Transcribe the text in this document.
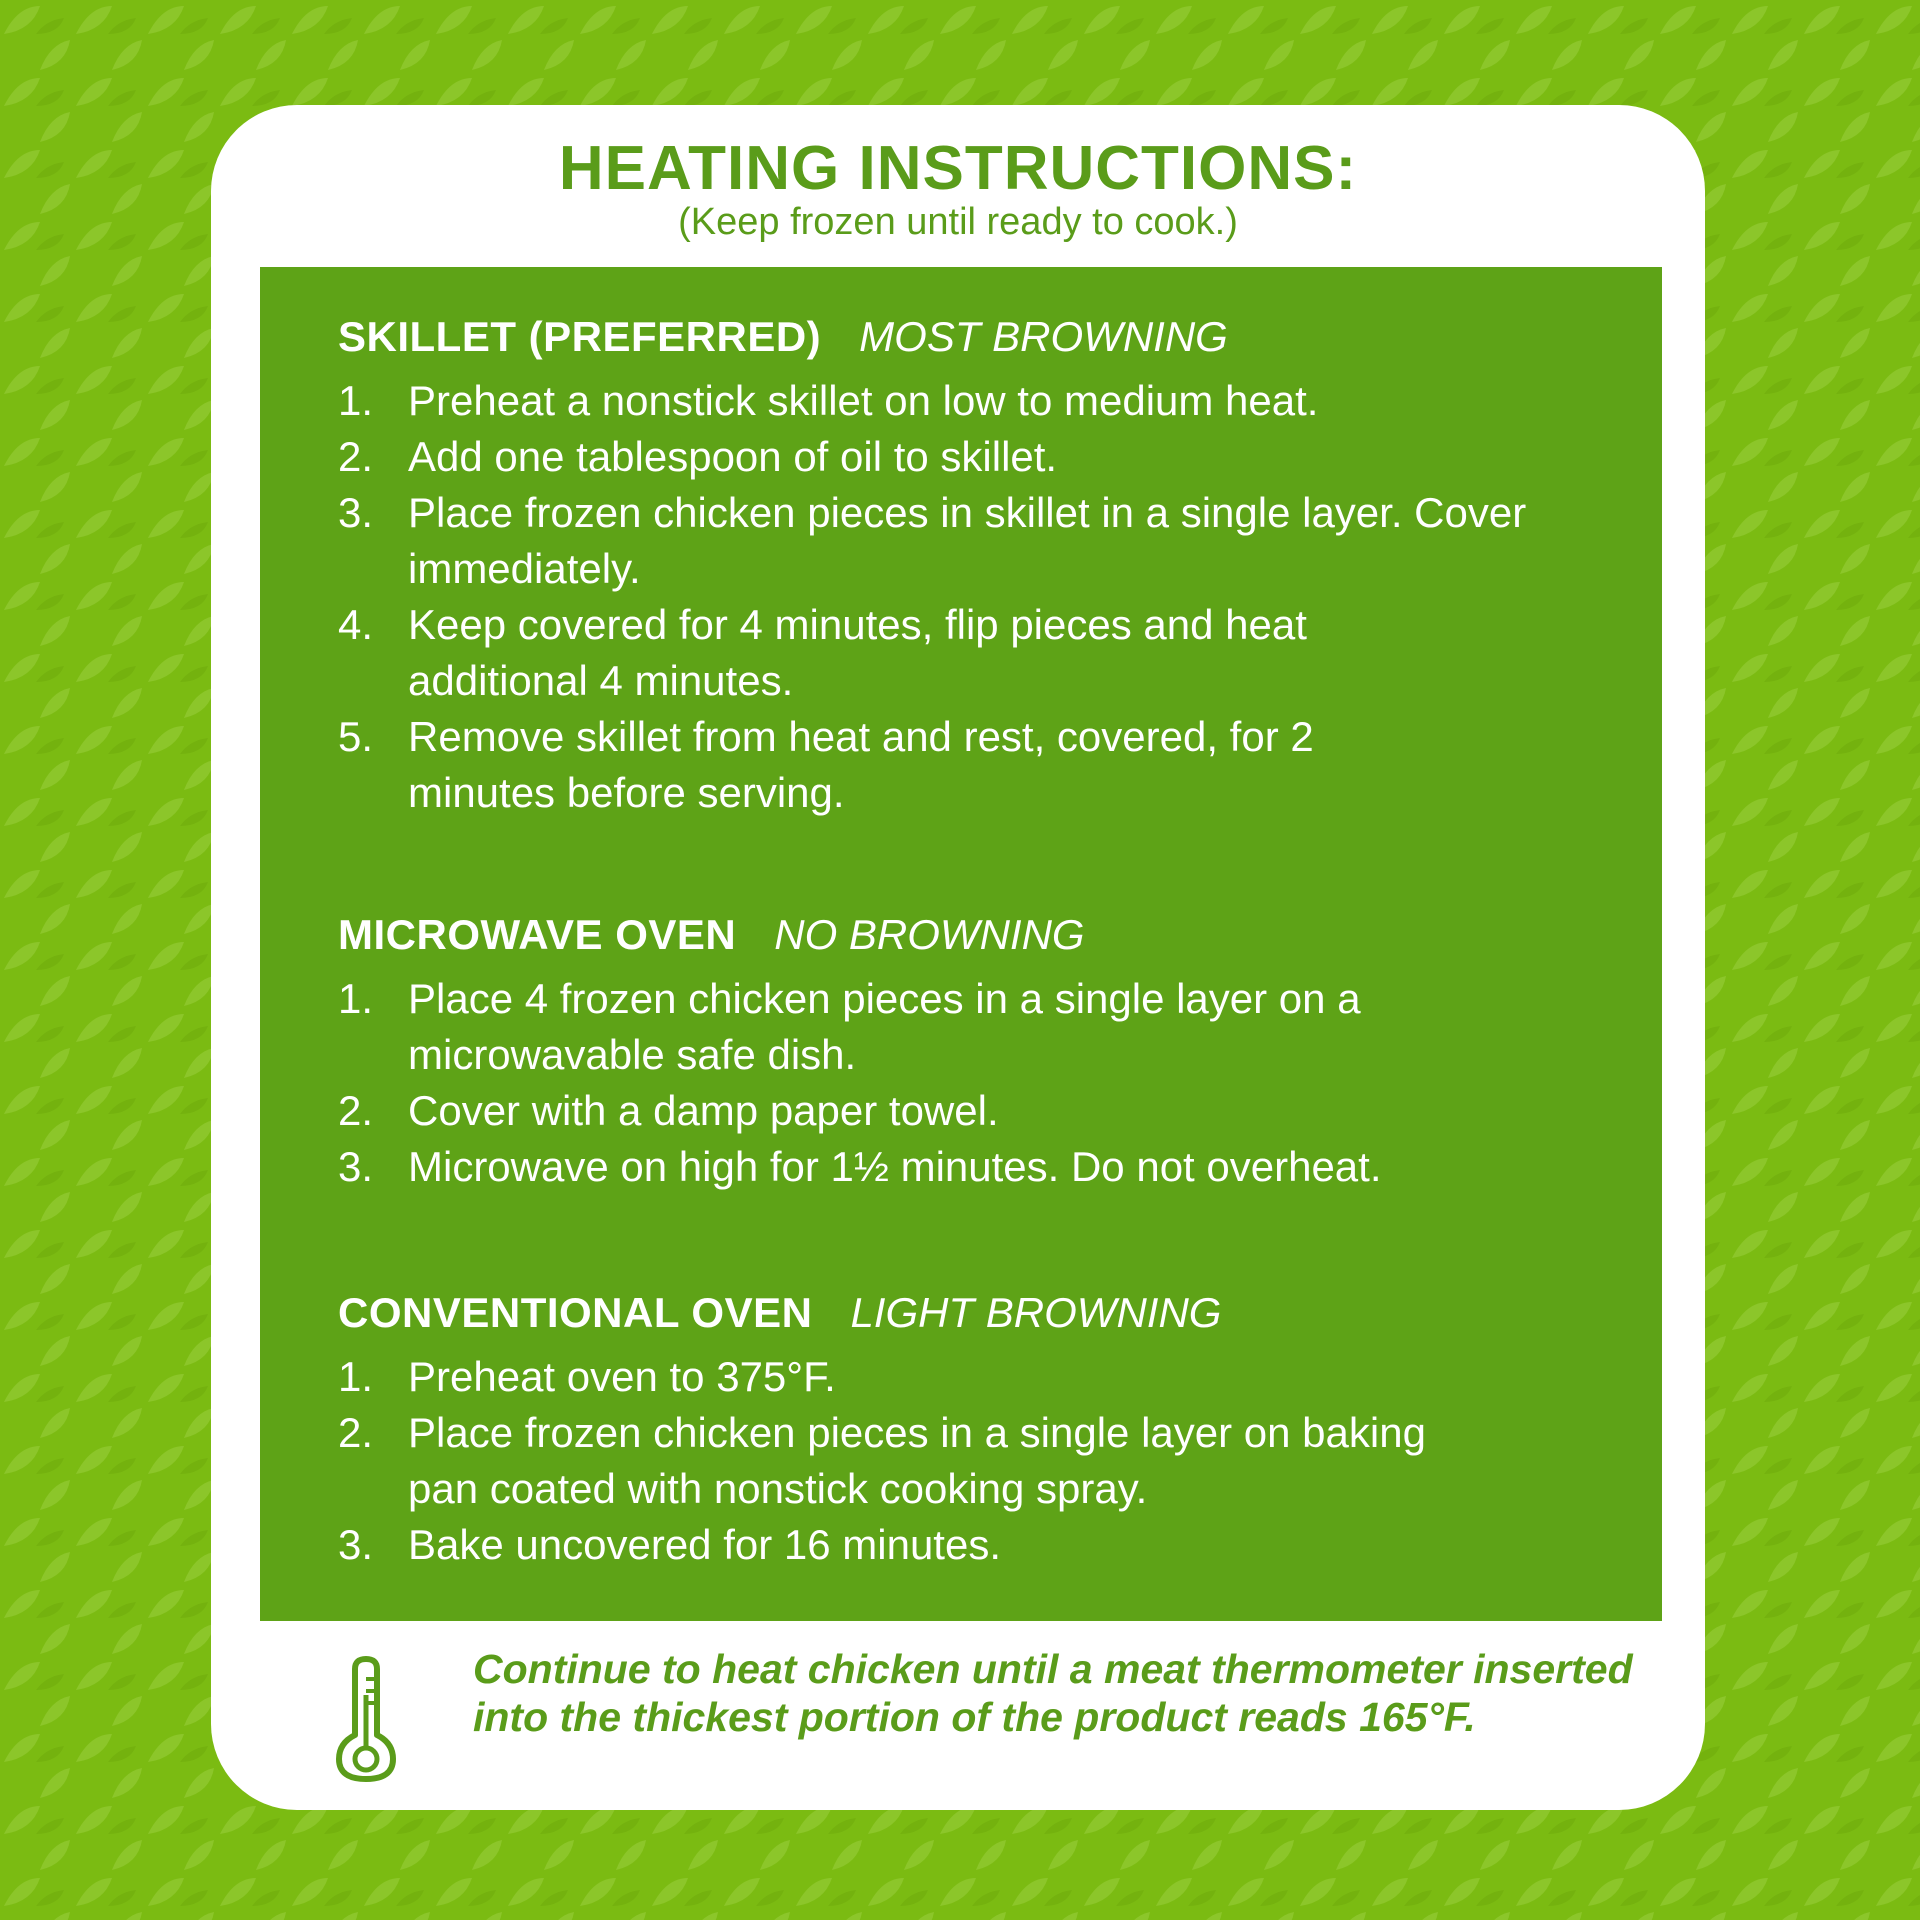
HEATING INSTRUCTIONS:
(Keep frozen until ready to cook.)
SKILLET (PREFERRED) MOST BROWNING
1. Preheat a nonstick skillet on low to medium heat.
2. Add one tablespoon of oil to skillet.
3. Place frozen chicken pieces in skillet in a single layer. Cover immediately.
4. Keep covered for 4 minutes, flip pieces and heat additional 4 minutes.
5. Remove skillet from heat and rest, covered, for 2 minutes before serving.
MICROWAVE OVEN NO BROWNING
1. Place 4 frozen chicken pieces in a single layer on a microwavable safe dish.
2. Cover with a damp paper towel.
3. Microwave on high for 1½ minutes. Do not overheat.
CONVENTIONAL OVEN LIGHT BROWNING
1. Preheat oven to 375°F.
2. Place frozen chicken pieces in a single layer on baking pan coated with nonstick cooking spray.
3. Bake uncovered for 16 minutes.
Continue to heat chicken until a meat thermometer inserted into the thickest portion of the product reads 165°F.
